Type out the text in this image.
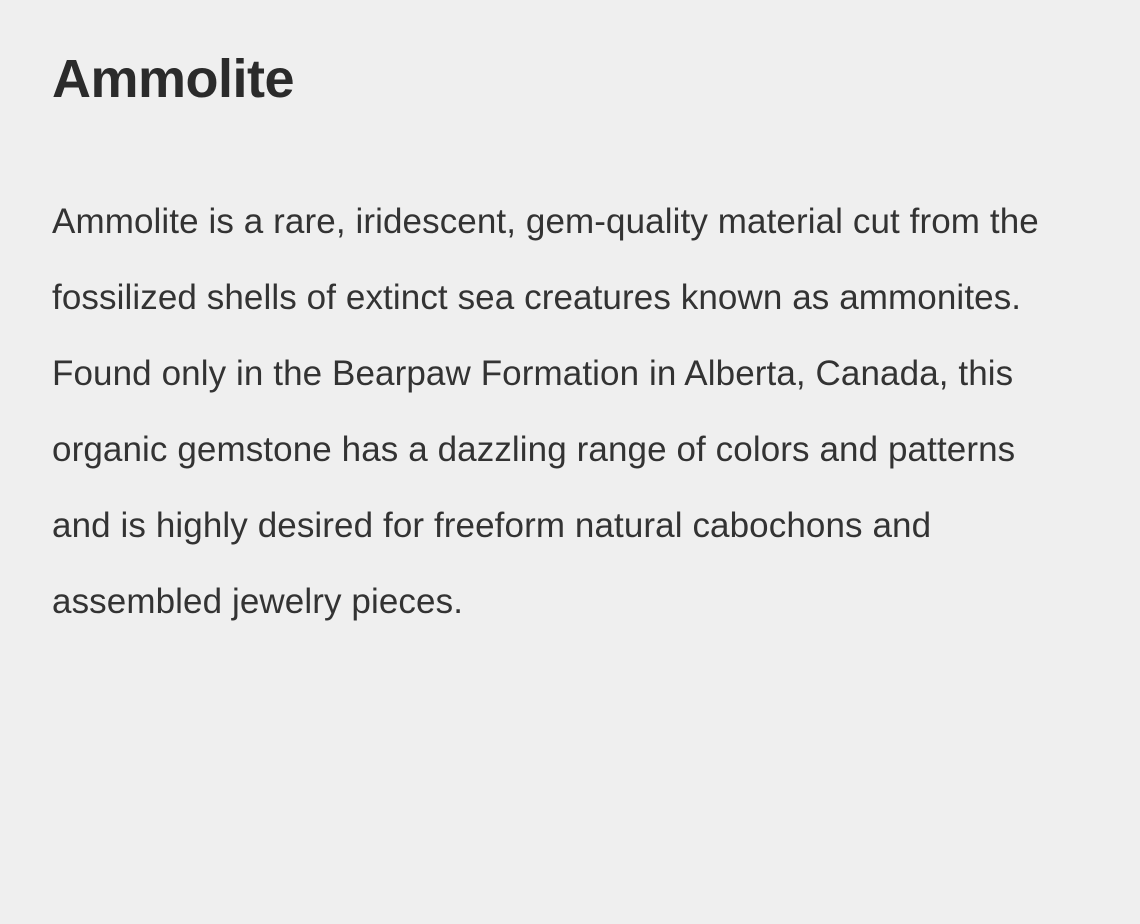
Ammolite

Ammolite is a rare, iridescent, gem-quality material cut from the fossilized shells of extinct sea creatures known as ammonites. Found only in the Bearpaw Formation in Alberta, Canada, this organic gemstone has a dazzling range of colors and patterns and is highly desired for freeform natural cabochons and assembled jewelry pieces.
